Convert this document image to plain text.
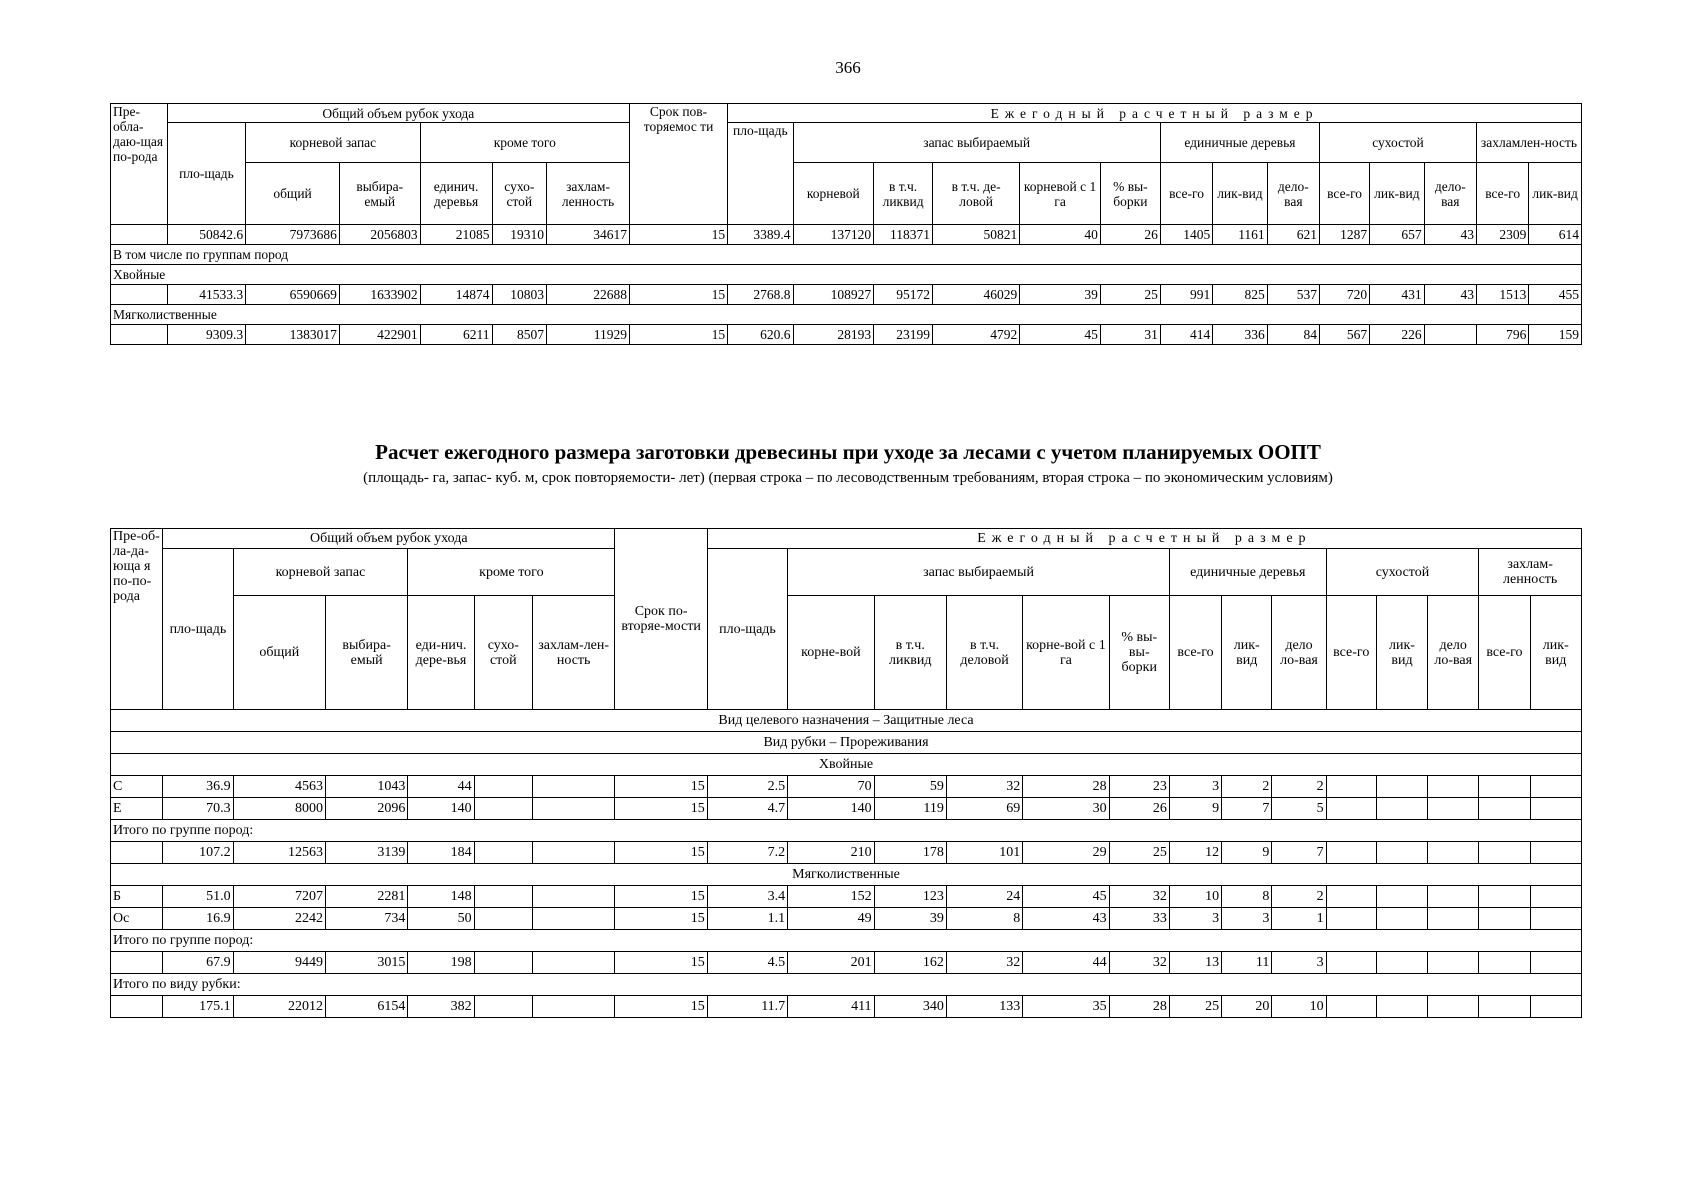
366
Пре-обла-даю-щая по-рода	Общий объем рубок ухода						Срок пов-торяемос ти	Ежегодный расчетный размер													
	пло-щадь	корневой запас		кроме того				пло-щадь	запас выбираемый					единичные деревья			сухостой			захламлен-ность	
		общий	выбира-емый	единич. деревья	сухо-стой	захлам-ленность			корневой	в т.ч. ликвид	в т.ч. де-ловой	корневой с 1 га	% вы-борки	все-го	лик-вид	дело-вая	все-го	лик-вид	дело-вая	все-го	лик-вид
	50842.6	7973686	2056803	21085	19310	34617	15	3389.4	137120	118371	50821	40	26	1405	1161	621	1287	657	43	2309	614
В том числе по группам пород																					
Хвойные																					
	41533.3	6590669	1633902	14874	10803	22688	15	2768.8	108927	95172	46029	39	25	991	825	537	720	431	43	1513	455
Мягколиственные																					
	9309.3	1383017	422901	6211	8507	11929	15	620.6	28193	23199	4792	45	31	414	336	84	567	226		796	159
Расчет ежегодного размера заготовки древесины при уходе за лесами с учетом планируемых ООПТ
(площадь- га, запас- куб. м, срок повторяемости- лет) (первая строка – по лесоводственным требованиям, вторая строка – по экономическим условиям)
Пре-об-ла-да-юща я по-по-рода	Общий объем рубок ухода						Срок по-вторяе-мости	Ежегодный расчетный размер													
	пло-щадь	корневой запас		кроме того				пло-щадь	запас выбираемый					единичные деревья			сухостой			захлам-ленность	
		общий	выбира-емый	еди-нич. дере-вья	сухо-стой	захлам-лен-ность			корне-вой	в т.ч. ликвид	в т.ч. деловой	корне-вой с 1 га	% вы-вы-борки	все-го	лик-вид	дело ло-вая	все-го	лик-вид	дело ло-вая	все-го	лик-вид
Вид целевого назначения – Защитные леса																					
Вид рубки – Прореживания																					
Хвойные																					
С	36.9	4563	1043	44			15	2.5	70	59	32	28	23	3	2	2					
Е	70.3	8000	2096	140			15	4.7	140	119	69	30	26	9	7	5					
Итого по группе пород:																					
	107.2	12563	3139	184			15	7.2	210	178	101	29	25	12	9	7					
Мягколиственные																					
Б	51.0	7207	2281	148			15	3.4	152	123	24	45	32	10	8	2					
Ос	16.9	2242	734	50			15	1.1	49	39	8	43	33	3	3	1					
Итого по группе пород:																					
	67.9	9449	3015	198			15	4.5	201	162	32	44	32	13	11	3					
Итого по виду рубки:																					
	175.1	22012	6154	382			15	11.7	411	340	133	35	28	25	20	10					
